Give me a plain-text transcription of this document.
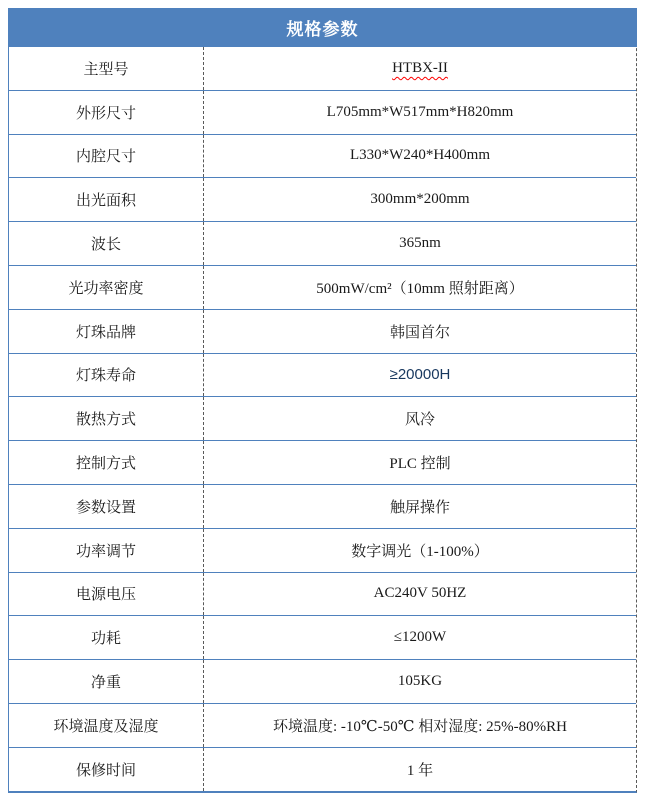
规格参数
主型号	HTBX-II
外形尺寸	L705mm*W517mm*H820mm
内腔尺寸	L330*W240*H400mm
出光面积	300mm*200mm
波长	365nm
光功率密度	500mW/cm²（10mm 照射距离）
灯珠品牌	韩国首尔
灯珠寿命	≥20000H
散热方式	风冷
控制方式	PLC 控制
参数设置	触屏操作
功率调节	数字调光（1-100%）
电源电压	AC240V 50HZ
功耗	≤1200W
净重	105KG
环境温度及湿度	环境温度: -10℃-50℃ 相对湿度: 25%-80%RH
保修时间	1 年
